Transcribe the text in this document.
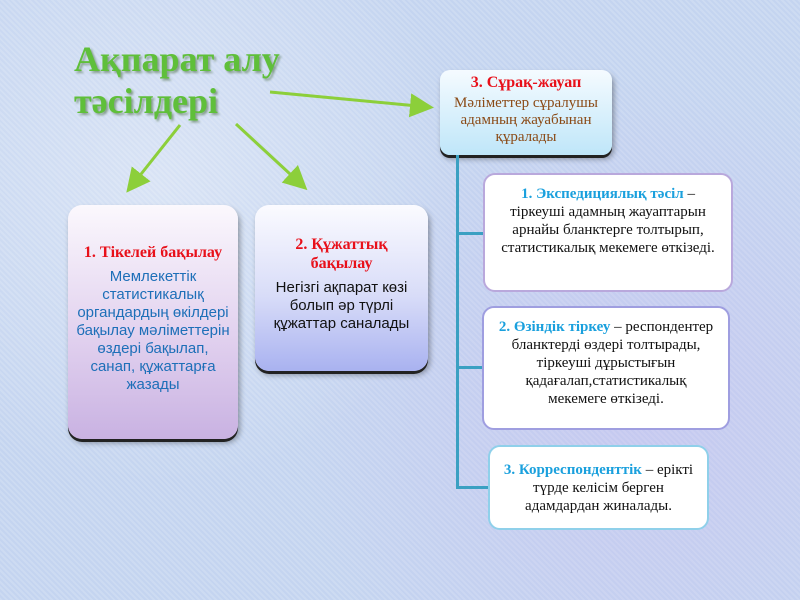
Ақпарат алу
тәсілдері
1. Тікелей бақылау
Мемлекеттік статистикалық органдардың өкілдері бақылау мәліметтерін өздері бақылап, санап, құжаттарға жазады
2. Құжаттық бақылау
Негізгі ақпарат көзі болып әр түрлі құжаттар саналады
3. Сұрақ-жауап
Мәліметтер сұралушы адамның жауабынан құралады
1. Экспедициялық тәсіл – тіркеуші адамның жауаптарын арнайы бланктерге толтырып, статистикалық мекемеге өткізеді.
2. Өзіндік тіркеу – респондентер бланктерді өздері толтырады, тіркеуші дұрыстығын қадағалап,статистикалық мекемеге өткізеді.
3. Корреспонденттік – ерікті түрде келісім берген адамдардан жиналады.
